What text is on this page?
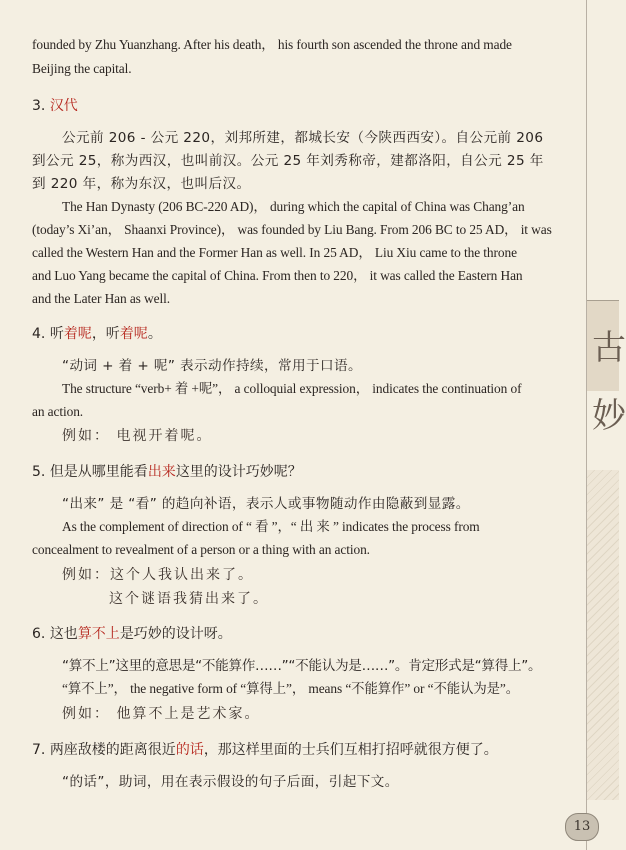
founded by Zhu Yuanzhang. After his death， his fourth son ascended the throne and made

Beijing the capital.

3. 汉代

公元前 206 - 公元 220，刘邦所建，都城长安（今陕西西安）。自公元前 206

到公元 25，称为西汉，也叫前汉。公元 25 年刘秀称帝，建都洛阳，自公元 25 年

到 220 年，称为东汉，也叫后汉。

The Han Dynasty (206 BC-220 AD)， during which the capital of China was Chang’an

(today’s Xi’an， Shaanxi Province)， was founded by Liu Bang. From 206 BC to 25 AD， it was

called the Western Han and the Former Han as well. In 25 AD， Liu Xiu came to the throne

and Luo Yang became the capital of China. From then to 220， it was called the Eastern Han

and the Later Han as well.

4. 听着呢，听着呢。

“动词 + 着 + 呢” 表示动作持续，常用于口语。

The structure “verb+ 着 +呢”， a colloquial expression， indicates the continuation of

an action.

例如： 电视开着呢。

5. 但是从哪里能看出来这里的设计巧妙呢？

“出来” 是 “看” 的趋向补语，表示人或事物随动作由隐蔽到显露。

As the complement of direction of “ 看 ”，“ 出 来 ” indicates the process from

concealment to revealment of a person or a thing with an action.

例如：这个人我认出来了。

这个谜语我猜出来了。

6. 这也算不上是巧妙的设计呀。

“算不上”这里的意思是“不能算作……”“不能认为是……”。肯定形式是“算得上”。

“算不上”， the negative form of “算得上”， means “不能算作” or “不能认为是”。

例如： 他算不上是艺术家。

7. 两座敌楼的距离很近的话，那这样里面的士兵们互相打招呼就很方便了。

“的话”，助词，用在表示假设的句子后面，引起下文。

古
妙
13
